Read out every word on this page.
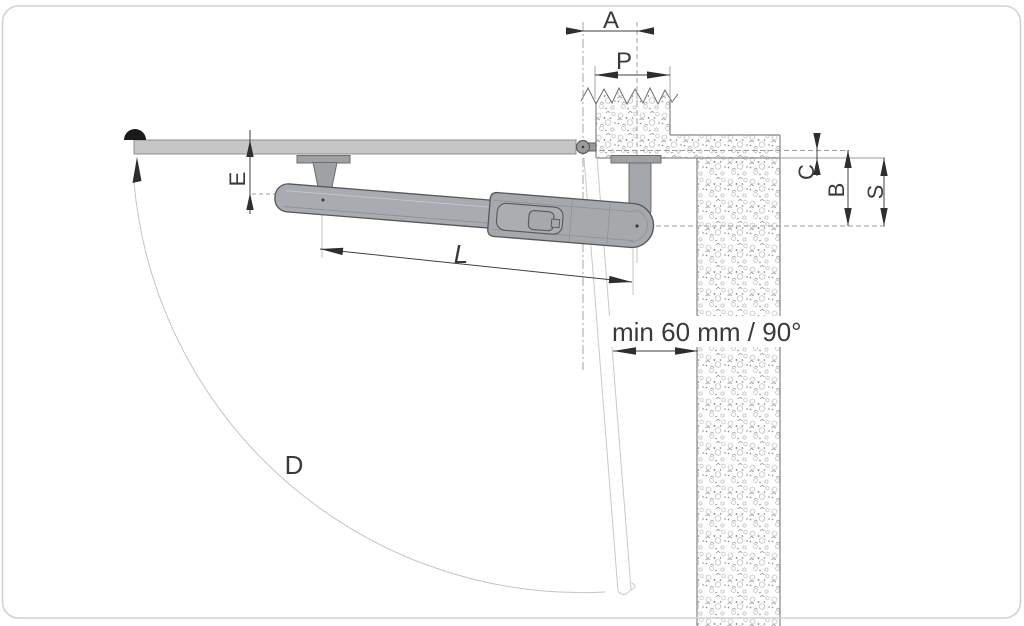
A
P
E
L
D
C
B S
min 60 mm / 90°
